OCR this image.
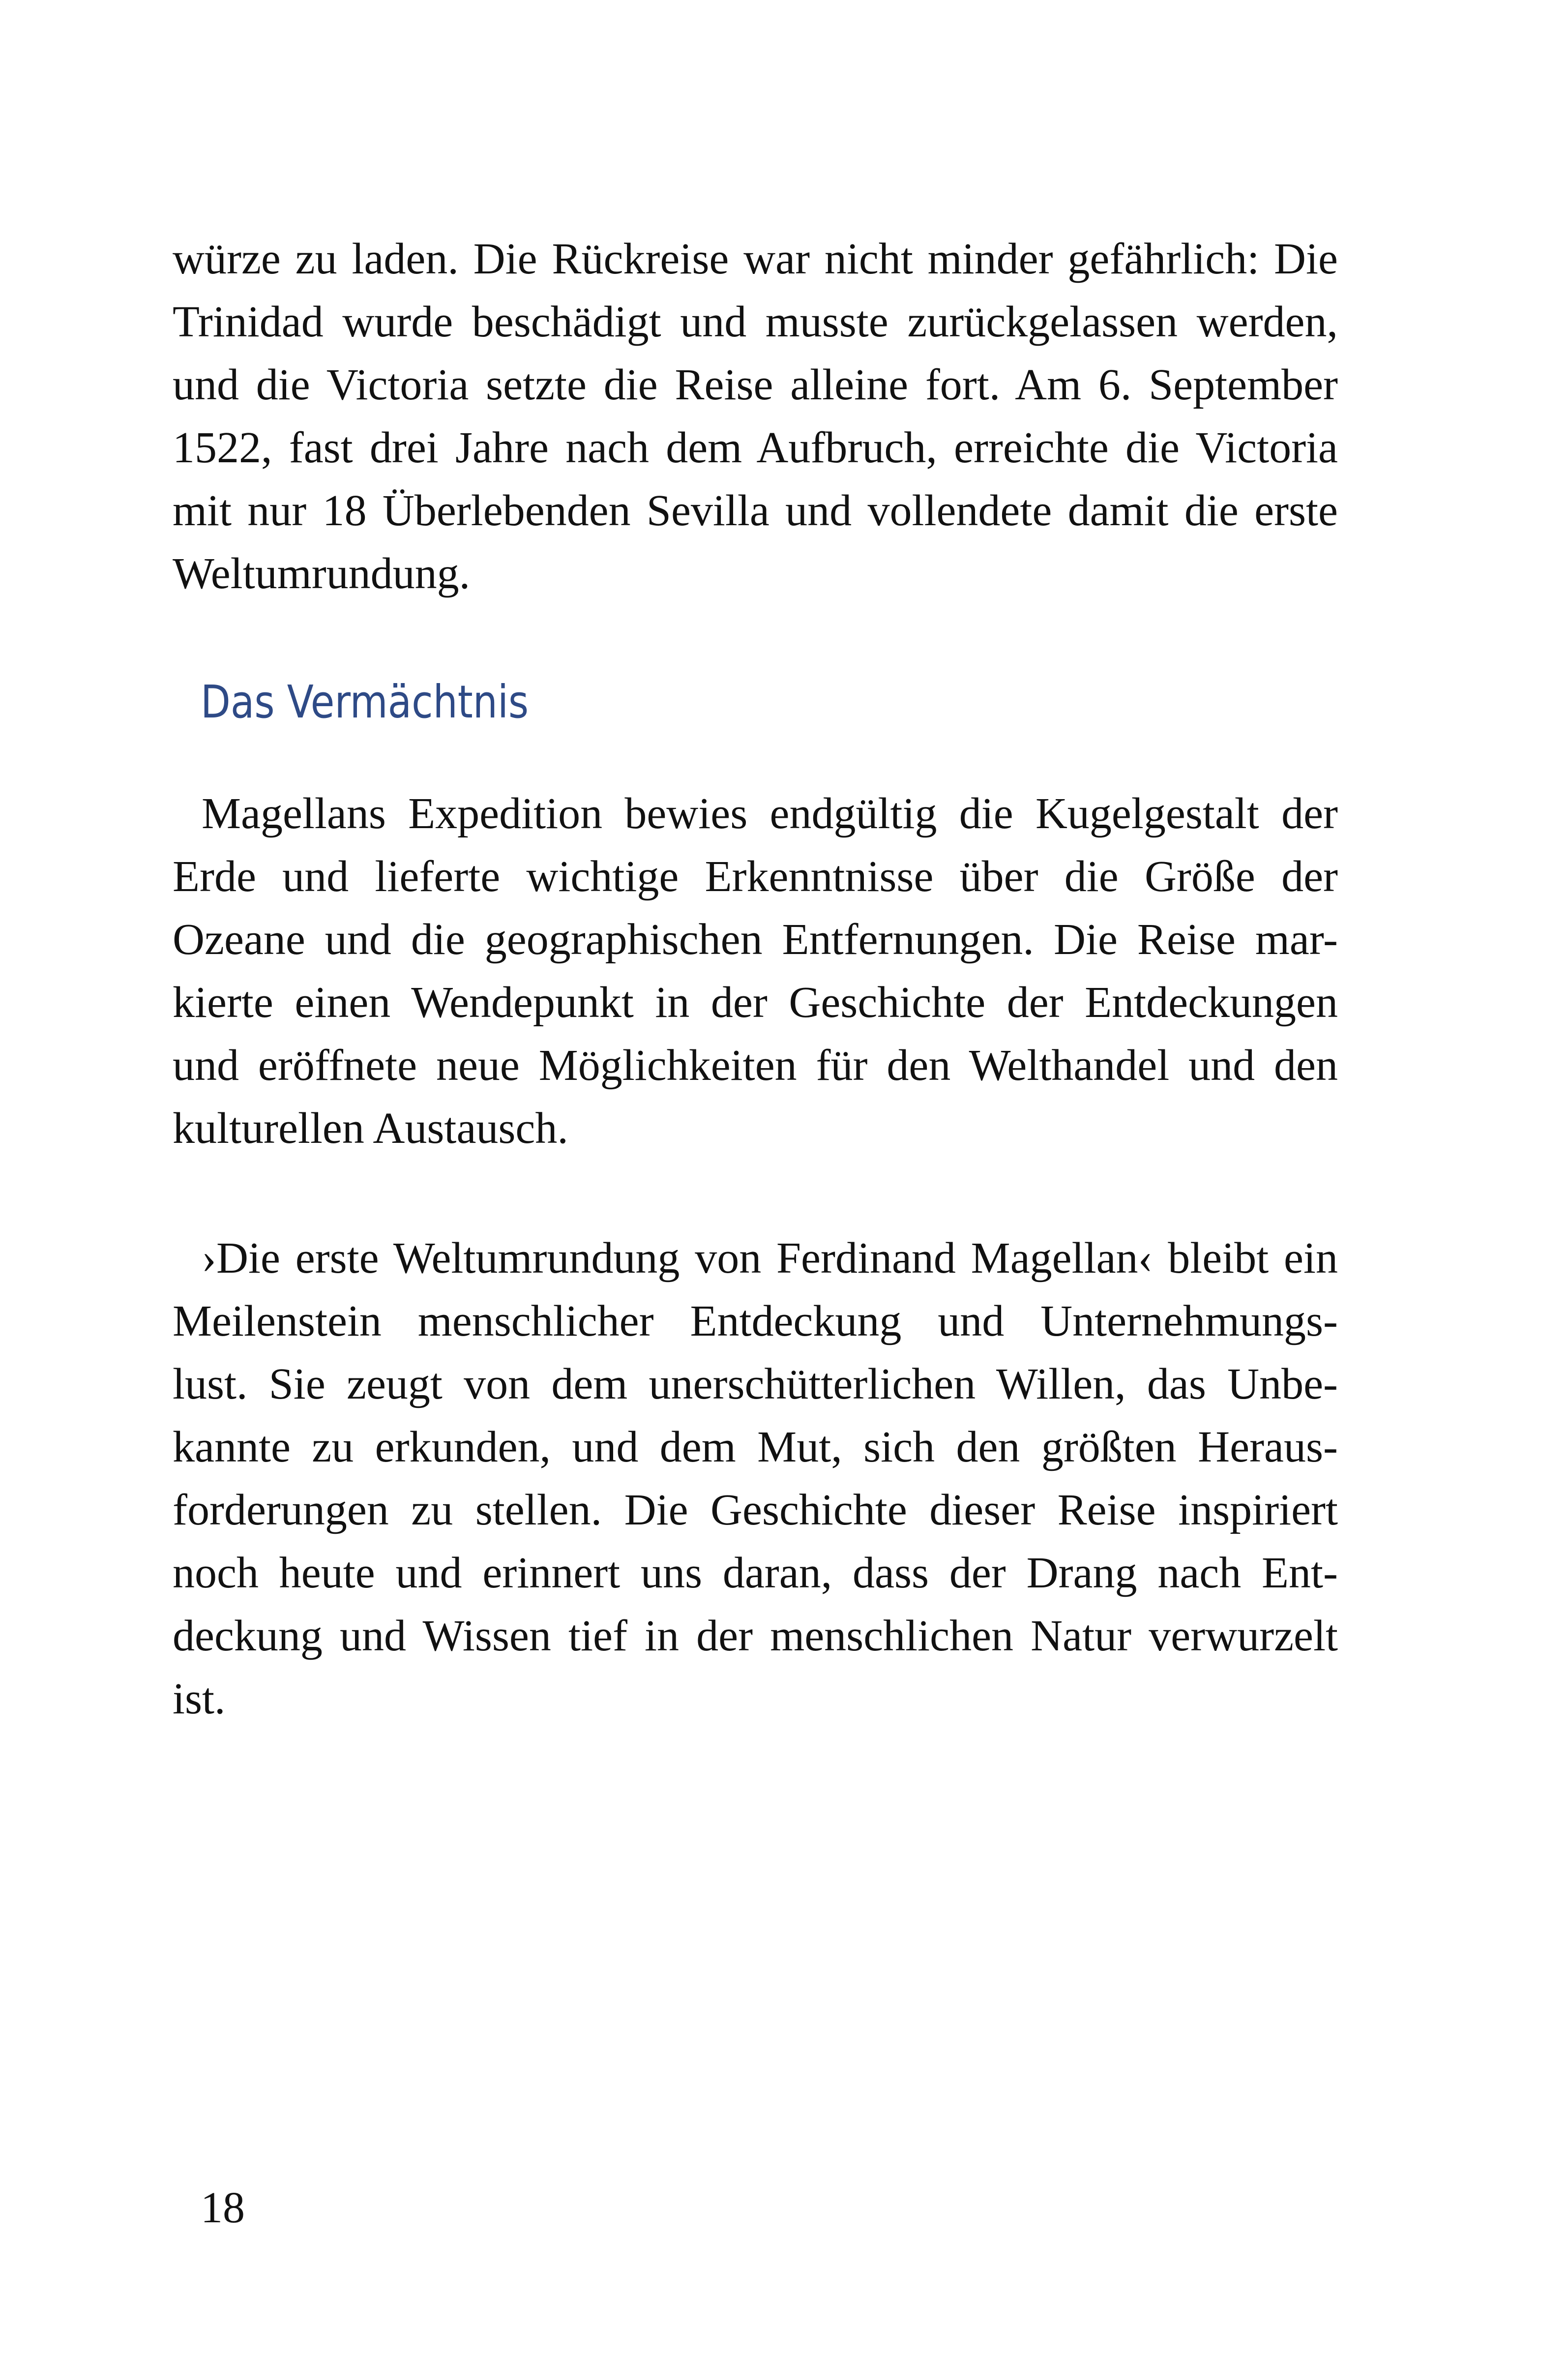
würze zu laden. Die Rückreise war nicht minder gefährlich: Die
Trinidad wurde beschädigt und musste zurückgelassen werden,
und die Victoria setzte die Reise alleine fort. Am 6. September
1522, fast drei Jahre nach dem Aufbruch, erreichte die Victoria
mit nur 18 Überlebenden Sevilla und vollendete damit die erste
Weltumrundung.
Das Vermächtnis
Magellans Expedition bewies endgültig die Kugelgestalt der
Erde und lieferte wichtige Erkenntnisse über die Größe der
Ozeane und die geographischen Entfernungen. Die Reise mar-
kierte einen Wendepunkt in der Geschichte der Entdeckungen
und eröffnete neue Möglichkeiten für den Welthandel und den
kulturellen Austausch.
›Die erste Weltumrundung von Ferdinand Magellan‹ bleibt ein
Meilenstein menschlicher Entdeckung und Unternehmungs-
lust. Sie zeugt von dem unerschütterlichen Willen, das Unbe-
kannte zu erkunden, und dem Mut, sich den größten Heraus-
forderungen zu stellen. Die Geschichte dieser Reise inspiriert
noch heute und erinnert uns daran, dass der Drang nach Ent-
deckung und Wissen tief in der menschlichen Natur verwurzelt
ist.
18
